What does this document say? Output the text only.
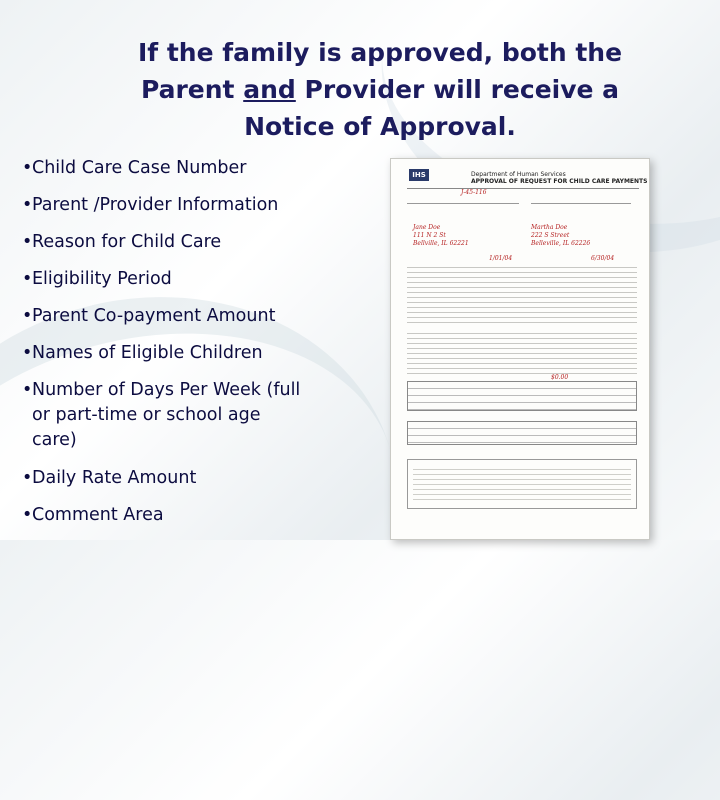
If the family is approved, both the Parent and Provider will receive a Notice of Approval.
•Child Care Case Number
•Parent /Provider Information
•Reason for Child Care
•Eligibility Period
•Parent Co-payment Amount
•Names of Eligible Children
•Number of Days Per Week (full
or part-time or school age
care)
•Daily Rate Amount
•Comment Area
IHS	Department of Human Services
APPROVAL OF REQUEST FOR CHILD CARE PAYMENTS
J-45-116
Jane Doe
111 N 2 St
Bellville, IL 62221
Martha Doe
222 S Street
Belleville, IL 62226
1/01/04	6/30/04
$0.00
